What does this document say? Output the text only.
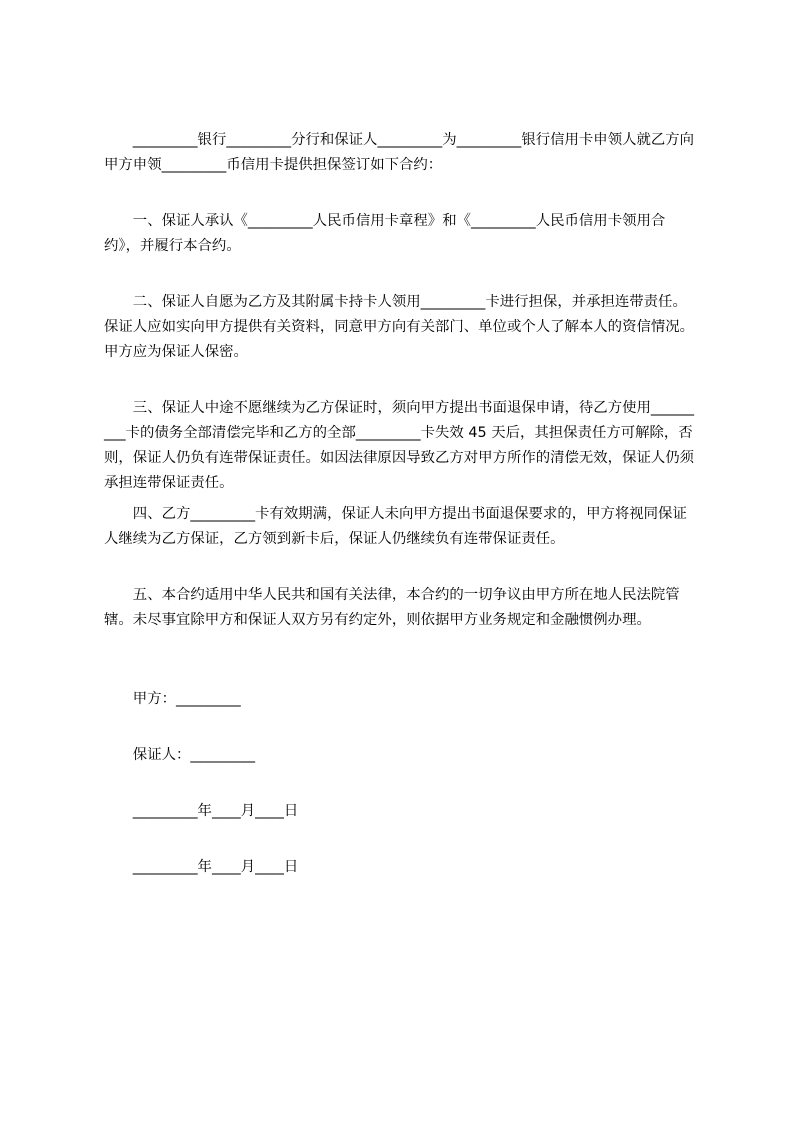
_________银行_________分行和保证人_________为_________银行信用卡申领人就乙方向甲方申领_________币信用卡提供担保签订如下合约：

一、保证人承认《_________人民币信用卡章程》和《_________人民币信用卡领用合约》，并履行本合约。

二、保证人自愿为乙方及其附属卡持卡人领用_________卡进行担保，并承担连带责任。保证人应如实向甲方提供有关资料，同意甲方向有关部门、单位或个人了解本人的资信情况。甲方应为保证人保密。

三、保证人中途不愿继续为乙方保证时，须向甲方提出书面退保申请，待乙方使用_________卡的债务全部清偿完毕和乙方的全部_________卡失效 45 天后，其担保责任方可解除，否则，保证人仍负有连带保证责任。如因法律原因导致乙方对甲方所作的清偿无效，保证人仍须承担连带保证责任。

四、乙方_________卡有效期满，保证人未向甲方提出书面退保要求的，甲方将视同保证人继续为乙方保证，乙方领到新卡后，保证人仍继续负有连带保证责任。

五、本合约适用中华人民共和国有关法律，本合约的一切争议由甲方所在地人民法院管辖。未尽事宜除甲方和保证人双方另有约定外，则依据甲方业务规定和金融惯例办理。

甲方：_________

保证人：_________

_________年____月____日

_________年____月____日
